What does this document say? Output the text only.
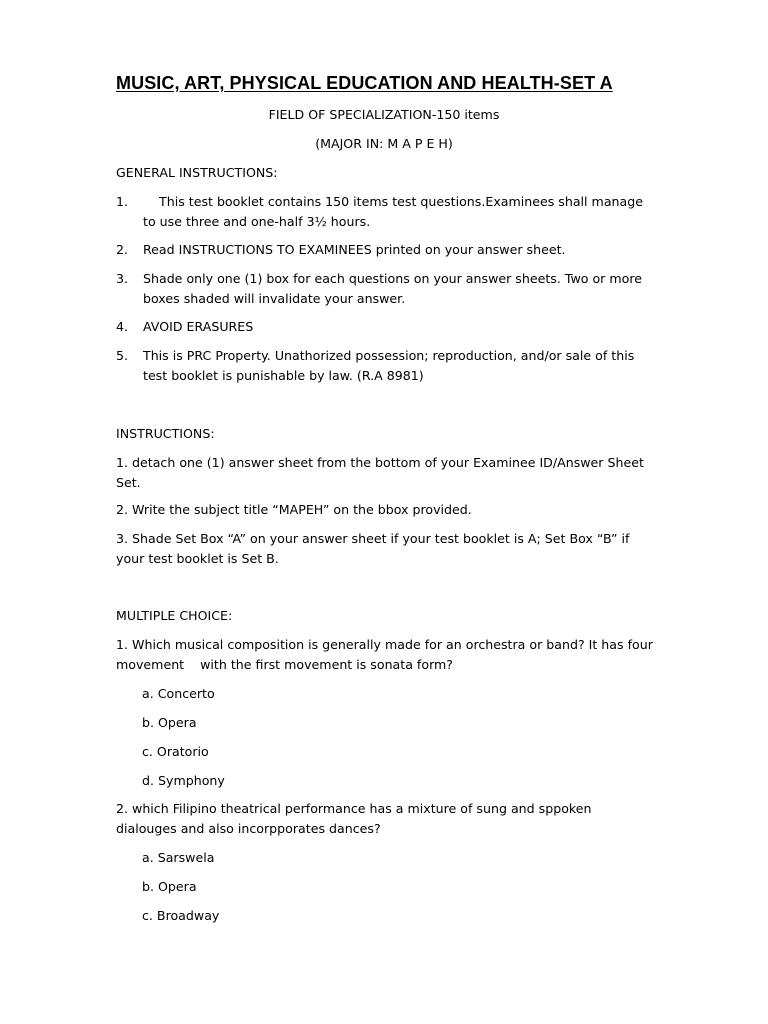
MUSIC, ART, PHYSICAL EDUCATION AND HEALTH-SET A
FIELD OF SPECIALIZATION-150 items
(MAJOR IN: M A P E H)
GENERAL INSTRUCTIONS:
1. This test booklet contains 150 items test questions.Examinees shall manage to use three and one-half 3½ hours.
2. Read INSTRUCTIONS TO EXAMINEES printed on your answer sheet.
3. Shade only one (1) box for each questions on your answer sheets. Two or more boxes shaded will invalidate your answer.
4. AVOID ERASURES
5. This is PRC Property. Unathorized possession; reproduction, and/or sale of this test booklet is punishable by law. (R.A 8981)
INSTRUCTIONS:
1. detach one (1) answer sheet from the bottom of your Examinee ID/Answer Sheet Set.
2. Write the subject title “MAPEH” on the bbox provided.
3. Shade Set Box “A” on your answer sheet if your test booklet is A; Set Box “B” if your test booklet is Set B.
MULTIPLE CHOICE:
1. Which musical composition is generally made for an orchestra or band? It has four movement    with the first movement is sonata form?
a. Concerto
b. Opera
c. Oratorio
d. Symphony
2. which Filipino theatrical performance has a mixture of sung and sppoken dialouges and also incorpporates dances?
a. Sarswela
b. Opera
c. Broadway
